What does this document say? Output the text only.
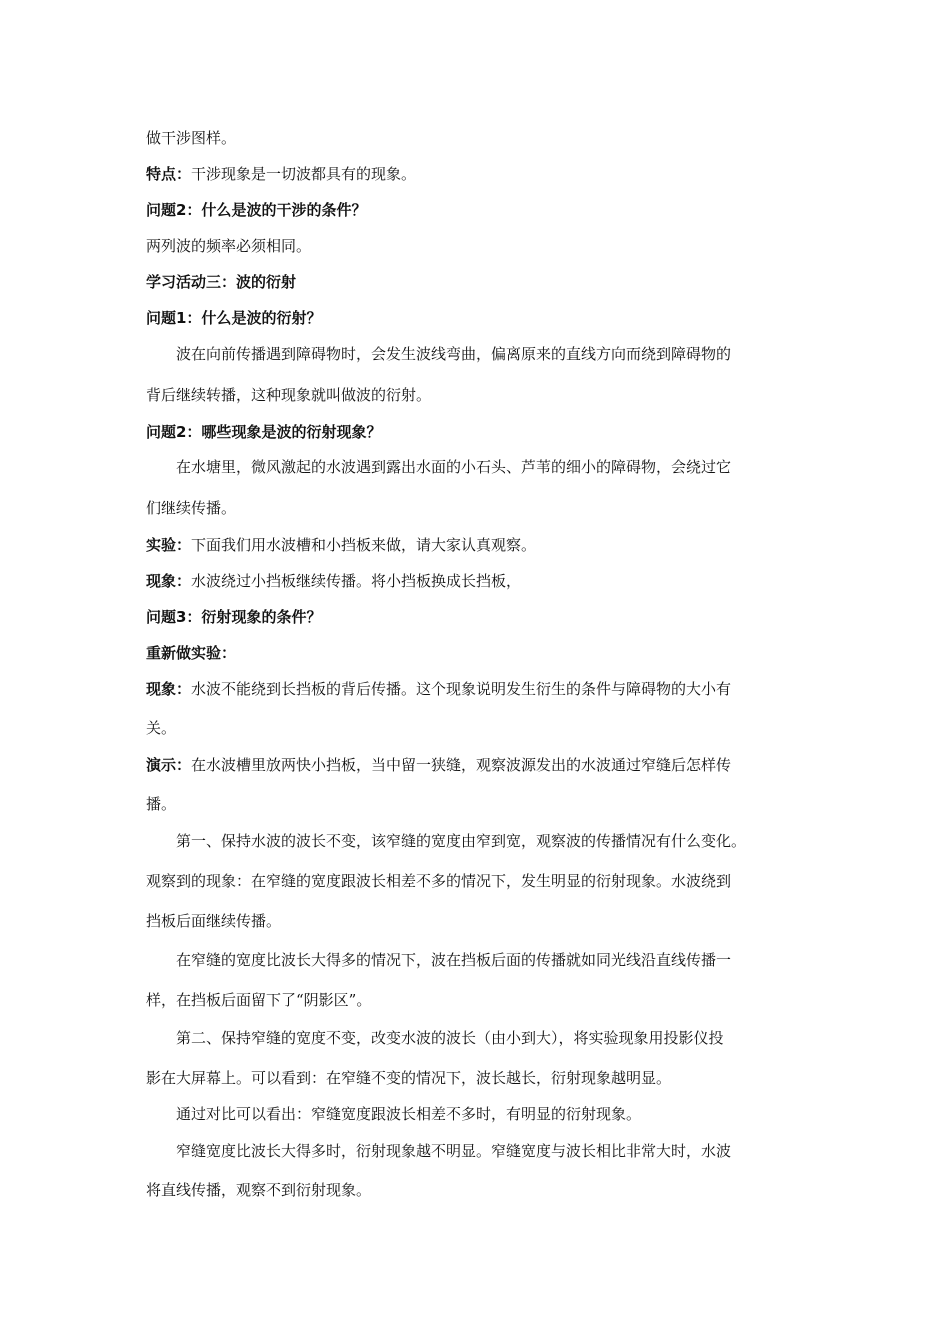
做干涉图样。
特点：干涉现象是一切波都具有的现象。
问题2：什么是波的干涉的条件？
两列波的频率必须相同。
学习活动三：波的衍射
问题1：什么是波的衍射？
波在向前传播遇到障碍物时，会发生波线弯曲，偏离原来的直线方向而绕到障碍物的
背后继续转播，这种现象就叫做波的衍射。
问题2：哪些现象是波的衍射现象？
在水塘里，微风激起的水波遇到露出水面的小石头、芦苇的细小的障碍物，会绕过它
们继续传播。
实验：下面我们用水波槽和小挡板来做，请大家认真观察。
现象：水波绕过小挡板继续传播。将小挡板换成长挡板，
问题3：衍射现象的条件？
重新做实验：
现象：水波不能绕到长挡板的背后传播。这个现象说明发生衍生的条件与障碍物的大小有
关。
演示：在水波槽里放两快小挡板，当中留一狭缝，观察波源发出的水波通过窄缝后怎样传
播。
第一、保持水波的波长不变，该窄缝的宽度由窄到宽，观察波的传播情况有什么变化。
观察到的现象：在窄缝的宽度跟波长相差不多的情况下，发生明显的衍射现象。水波绕到
挡板后面继续传播。
在窄缝的宽度比波长大得多的情况下，波在挡板后面的传播就如同光线沿直线传播一
样，在挡板后面留下了“阴影区”。
第二、保持窄缝的宽度不变，改变水波的波长（由小到大），将实验现象用投影仪投
影在大屏幕上。可以看到：在窄缝不变的情况下，波长越长，衍射现象越明显。
通过对比可以看出：窄缝宽度跟波长相差不多时，有明显的衍射现象。
窄缝宽度比波长大得多时，衍射现象越不明显。窄缝宽度与波长相比非常大时，水波
将直线传播，观察不到衍射现象。
